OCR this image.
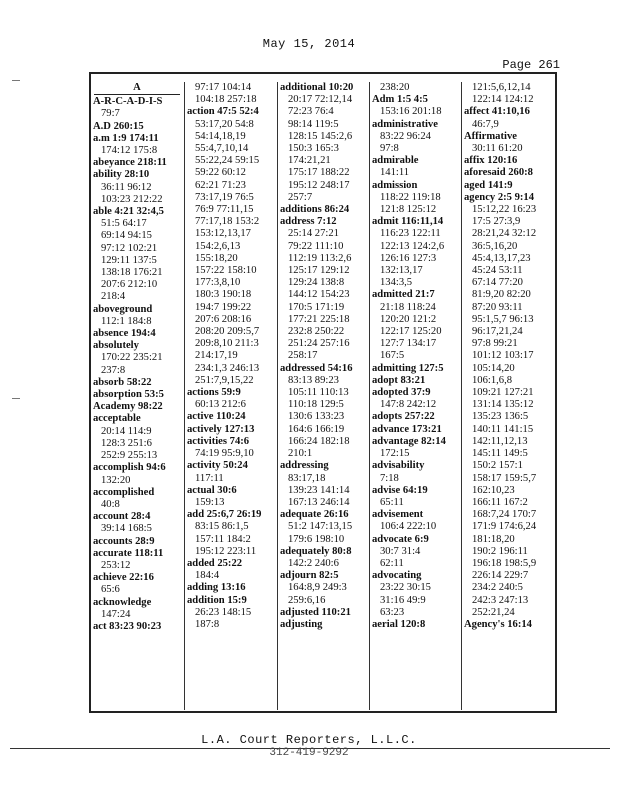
May 15, 2014
Page 261
A
A-R-C-A-D-I-S
79:7
A.D 260:15
a.m 1:9 174:11
174:12 175:8
abeyance 218:11
ability 28:10
36:11 96:12
103:23 212:22
able 4:21 32:4,5
51:5 64:17
69:14 94:15
97:12 102:21
129:11 137:5
138:18 176:21
207:6 212:10
218:4
aboveground
112:1 184:8
absence 194:4
absolutely
170:22 235:21
237:8
absorb 58:22
absorption 53:5
Academy 98:22
acceptable
20:14 114:9
128:3 251:6
252:9 255:13
accomplish 94:6
132:20
accomplished
40:8
account 28:4
39:14 168:5
accounts 28:9
accurate 118:11
253:12
achieve 22:16
65:6
acknowledge
147:24
act 83:23 90:23
97:17 104:14
104:18 257:18
action 47:5 52:4
53:17,20 54:8
54:14,18,19
55:4,7,10,14
55:22,24 59:15
59:22 60:12
62:21 71:23
73:17,19 76:5
76:9 77:11,15
77:17,18 153:2
153:12,13,17
154:2,6,13
155:18,20
157:22 158:10
177:3,8,10
180:3 190:18
194:7 199:22
207:6 208:16
208:20 209:5,7
209:8,10 211:3
214:17,19
234:1,3 246:13
251:7,9,15,22
actions 59:9
60:13 212:6
active 110:24
actively 127:13
activities 74:6
74:19 95:9,10
activity 50:24
117:11
actual 30:6
159:13
add 25:6,7 26:19
83:15 86:1,5
157:11 184:2
195:12 223:11
added 25:22
184:4
adding 13:16
addition 15:9
26:23 148:15
187:8
additional 10:20
20:17 72:12,14
72:23 76:4
98:14 119:5
128:15 145:2,6
150:3 165:3
174:21,21
175:17 188:22
195:12 248:17
257:7
additions 86:24
address 7:12
25:14 27:21
79:22 111:10
112:19 113:2,6
125:17 129:12
129:24 138:8
144:12 154:23
170:5 171:19
177:21 225:18
232:8 250:22
251:24 257:16
258:17
addressed 54:16
83:13 89:23
105:11 110:13
110:18 129:5
130:6 133:23
164:6 166:19
166:24 182:18
210:1
addressing
83:17,18
139:23 141:14
167:13 246:14
adequate 26:16
51:2 147:13,15
179:6 198:10
adequately 80:8
142:2 240:6
adjourn 82:5
164:8,9 249:3
259:6,16
adjusted 110:21
adjusting
238:20
Adm 1:5 4:5
153:16 201:18
administrative
83:22 96:24
97:8
admirable
141:11
admission
118:22 119:18
121:8 125:12
admit 116:11,14
116:23 122:11
122:13 124:2,6
126:16 127:3
132:13,17
134:3,5
admitted 21:7
21:18 118:24
120:20 121:2
122:17 125:20
127:7 134:17
167:5
admitting 127:5
adopt 83:21
adopted 37:9
147:8 242:12
adopts 257:22
advance 173:21
advantage 82:14
172:15
advisability
7:18
advise 64:19
65:11
advisement
106:4 222:10
advocate 6:9
30:7 31:4
62:11
advocating
23:22 30:15
31:16 49:9
63:23
aerial 120:8
121:5,6,12,14
122:14 124:12
affect 41:10,16
46:7,9
Affirmative
30:11 61:20
affix 120:16
aforesaid 260:8
aged 141:9
agency 2:5 9:14
15:12,22 16:23
17:5 27:3,9
28:21,24 32:12
36:5,16,20
45:4,13,17,23
45:24 53:11
67:14 77:20
81:9,20 82:20
87:20 93:11
95:1,5,7 96:13
96:17,21,24
97:8 99:21
101:12 103:17
105:14,20
106:1,6,8
109:21 127:21
131:14 135:12
135:23 136:5
140:11 141:15
142:11,12,13
145:11 149:5
150:2 157:1
158:17 159:5,7
162:10,23
166:11 167:2
168:7,24 170:7
171:9 174:6,24
181:18,20
190:2 196:11
196:18 198:5,9
226:14 229:7
234:2 240:5
242:3 247:13
252:21,24
Agency's 16:14
L.A. Court Reporters, L.L.C.
312-419-9292
